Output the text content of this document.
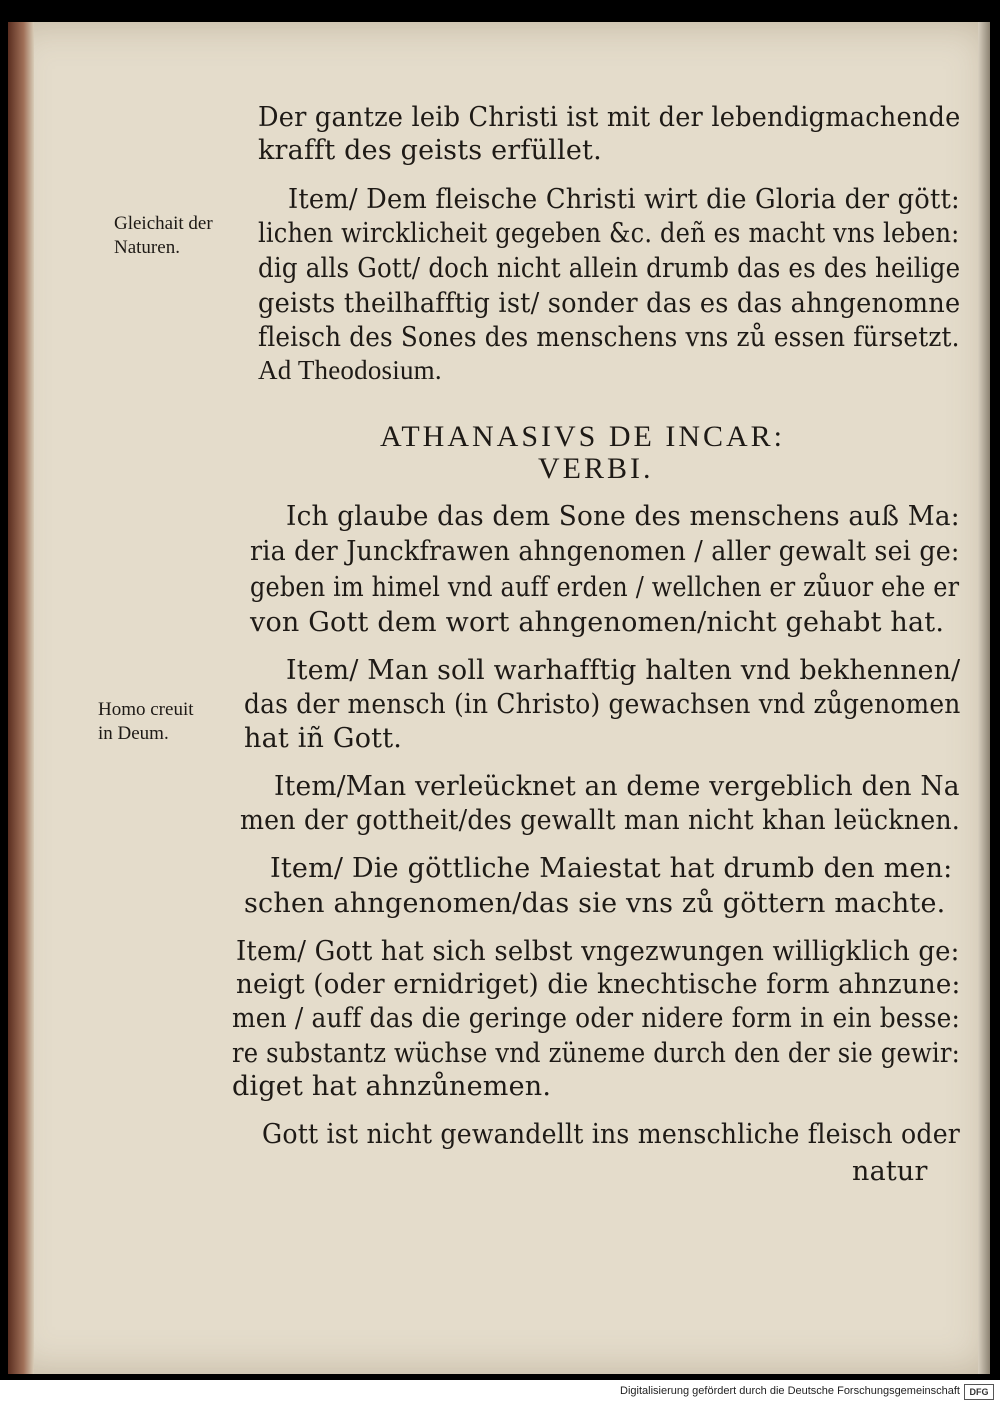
Der gantze leib Christi ist mit der lebendigmachende
krafft des geists erfüllet.
Item/ Dem fleische Christi wirt die Gloria der gött:
lichen wircklicheit gegeben &c. deñ es macht vns leben:
dig alls Gott/ doch nicht allein drumb das es des heilige
geists theilhafftig ist/ sonder das es das ahngenomne
fleisch des Sones des menschens vns zů essen fürsetzt.
Ad Theodosium.
Gleichait der
Naturen.
ATHANASIVS DE INCAR:
VERBI.
Ich glaube das dem Sone des menschens auß Ma:
ria der Junckfrawen ahngenomen / aller gewalt sei ge:
geben im himel vnd auff erden / wellchen er zůuor ehe er
von Gott dem wort ahngenomen/nicht gehabt hat.
Item/ Man soll warhafftig halten vnd bekhennen/
das der mensch (in Christo) gewachsen vnd zůgenomen
hat iñ Gott.
Homo creuit
in Deum.
Item/Man verleücknet an deme vergeblich den Na
men der gottheit/des gewallt man nicht khan leücknen.
Item/ Die göttliche Maiestat hat drumb den men:
schen ahngenomen/das sie vns zů göttern machte.
Item/ Gott hat sich selbst vngezwungen willigklich ge:
neigt (oder ernidriget) die knechtische form ahnzune:
men / auff das die geringe oder nidere form in ein besse:
re substantz wüchse vnd züneme durch den der sie gewir:
diget hat ahnzůnemen.
Gott ist nicht gewandellt ins menschliche fleisch oder
natur
Digitalisierung gefördert durch die Deutsche Forschungsgemeinschaft	DFG
